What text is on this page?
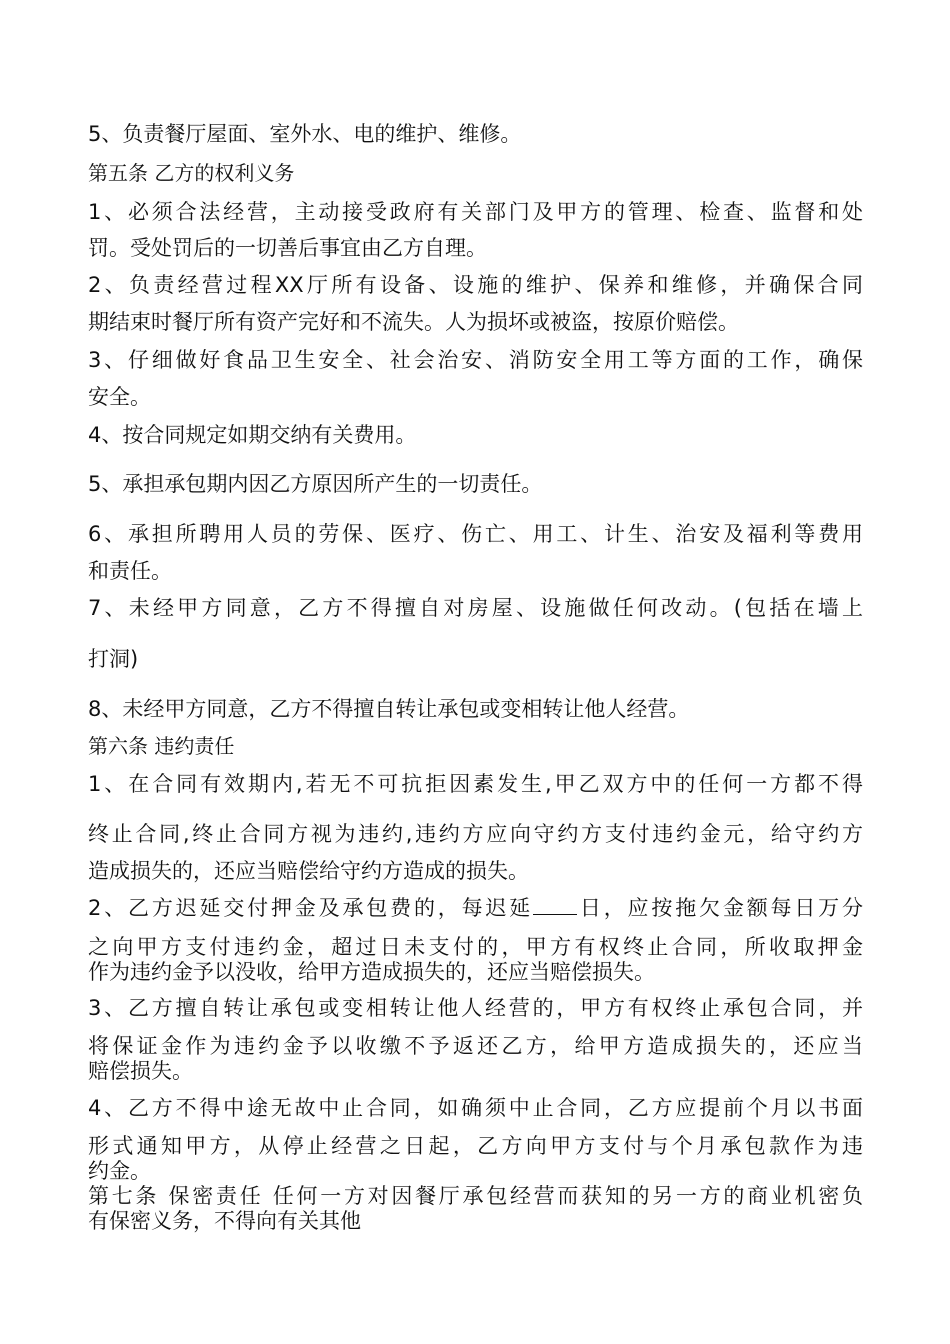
5、负责餐厅屋面、室外水、电的维护、维修。
第五条 乙方的权利义务
1、必须合法经营，主动接受政府有关部门及甲方的管理、检查、监督和处
罚。受处罚后的一切善后事宜由乙方自理。
2、负责经营过程XX厅所有设备、设施的维护、保养和维修，并确保合同
期结束时餐厅所有资产完好和不流失。人为损坏或被盗，按原价赔偿。
3、仔细做好食品卫生安全、社会治安、消防安全用工等方面的工作，确保
安全。
4、按合同规定如期交纳有关费用。
5、承担承包期内因乙方原因所产生的一切责任。
6、承担所聘用人员的劳保、医疗、伤亡、用工、计生、治安及福利等费用
和责任。
7、未经甲方同意，乙方不得擅自对房屋、设施做任何改动。(包括在墙上
打洞)
8、未经甲方同意，乙方不得擅自转让承包或变相转让他人经营。
第六条 违约责任
1、在合同有效期内,若无不可抗拒因素发生,甲乙双方中的任何一方都不得
终止合同,终止合同方视为违约,违约方应向守约方支付违约金元，给守约方
造成损失的，还应当赔偿给守约方造成的损失。
2、乙方迟延交付押金及承包费的，每迟延 日，应按拖欠金额每日万分
之向甲方支付违约金，超过日未支付的，甲方有权终止合同，所收取押金
作为违约金予以没收，给甲方造成损失的，还应当赔偿损失。
3、乙方擅自转让承包或变相转让他人经营的，甲方有权终止承包合同，并
将保证金作为违约金予以收缴不予返还乙方，给甲方造成损失的，还应当
赔偿损失。
4、乙方不得中途无故中止合同，如确须中止合同，乙方应提前个月以书面
形式通知甲方，从停止经营之日起，乙方向甲方支付与个月承包款作为违
约金。
第七条 保密责任 任何一方对因餐厅承包经营而获知的另一方的商业机密负
有保密义务，不得向有关其他
